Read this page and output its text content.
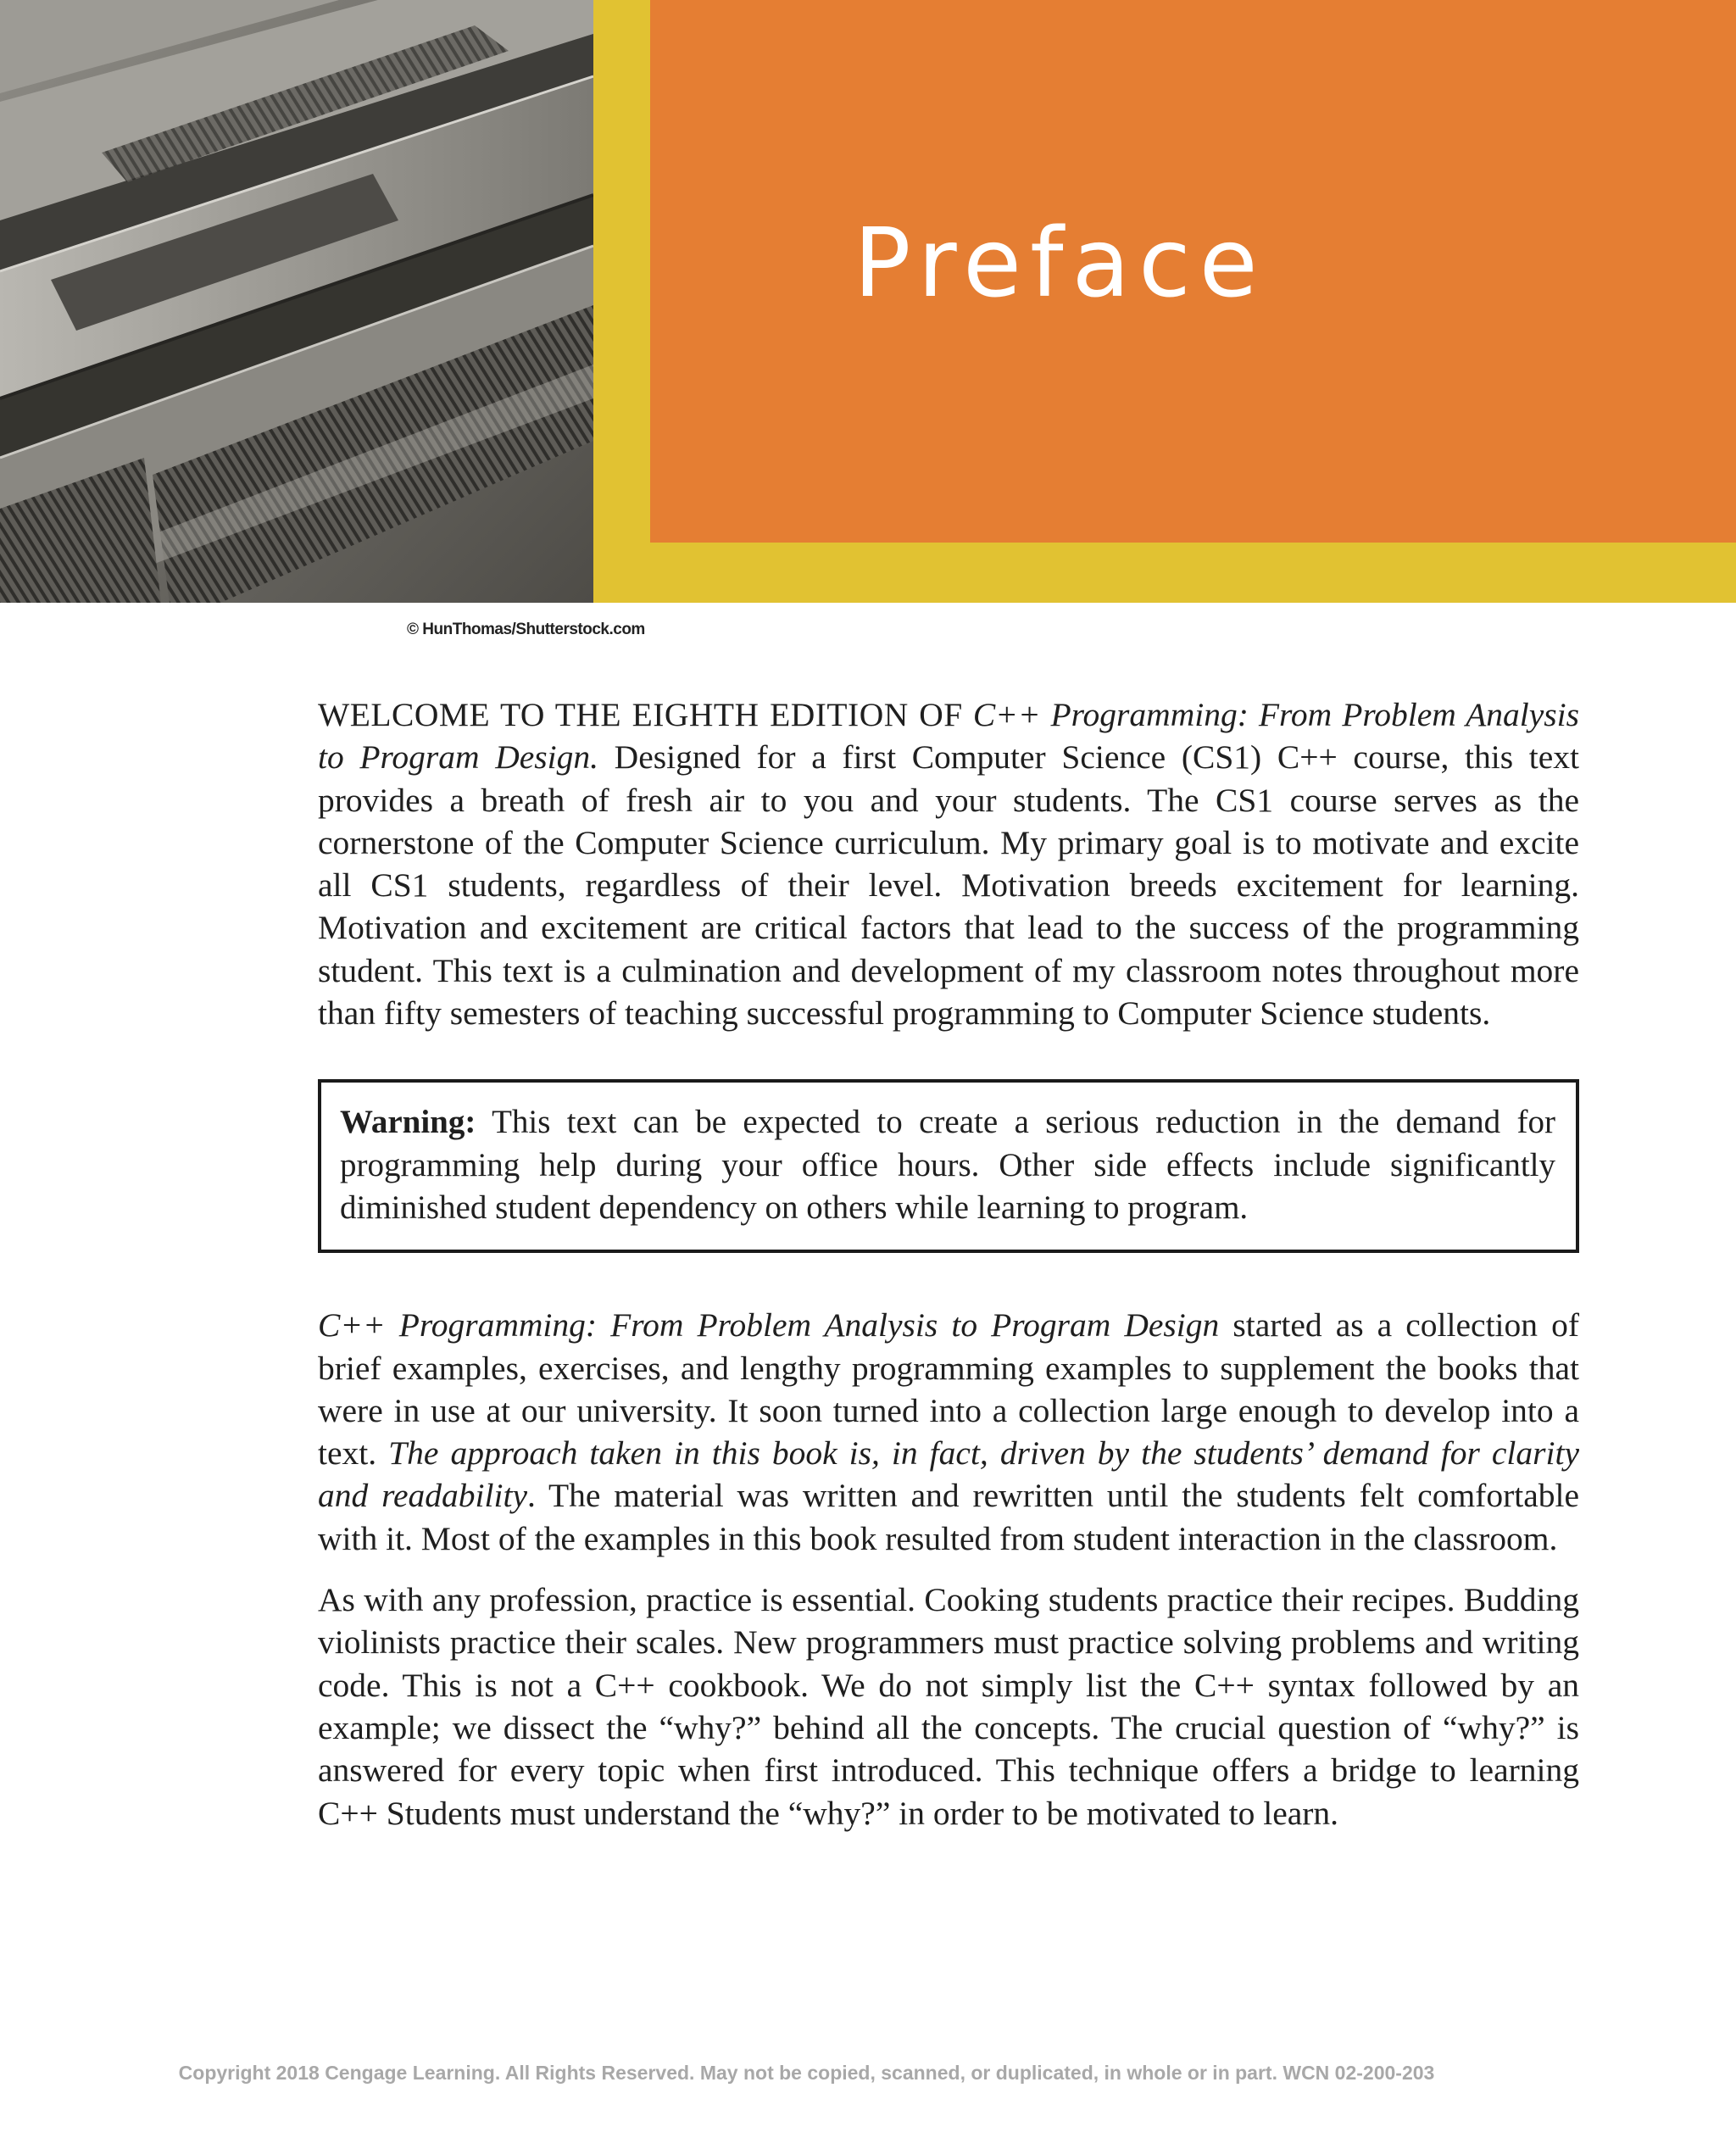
Preface
© HunThomas/Shutterstock.com

WELCOME TO THE EIGHTH EDITION OF C++ Programming: From Problem Analysis to Program Design. Designed for a first Computer Science (CS1) C++ course, this text provides a breath of fresh air to you and your students. The CS1 course serves as the cornerstone of the Computer Science curriculum. My primary goal is to motivate and excite all CS1 students, regardless of their level. Motivation breeds excitement for learning. Motivation and excitement are critical factors that lead to the success of the programming student. This text is a culmination and development of my classroom notes throughout more than fifty semesters of teaching successful programming to Computer Science students.

Warning: This text can be expected to create a serious reduction in the demand for programming help during your office hours. Other side effects include significantly diminished student dependency on others while learning to program.

C++ Programming: From Problem Analysis to Program Design started as a collection of brief examples, exercises, and lengthy programming examples to supplement the books that were in use at our university. It soon turned into a collection large enough to develop into a text. The approach taken in this book is, in fact, driven by the students’ demand for clarity and readability. The material was written and rewritten until the students felt comfortable with it. Most of the examples in this book resulted from student interaction in the classroom.

As with any profession, practice is essential. Cooking students practice their recipes. Budding violinists practice their scales. New programmers must practice solving problems and writing code. This is not a C++ cookbook. We do not simply list the C++ syntax followed by an example; we dissect the “why?” behind all the concepts. The crucial question of “why?” is answered for every topic when first introduced. This technique offers a bridge to learning C++ Students must understand the “why?” in order to be motivated to learn.

Copyright 2018 Cengage Learning. All Rights Reserved. May not be copied, scanned, or duplicated, in whole or in part. WCN 02-200-203
